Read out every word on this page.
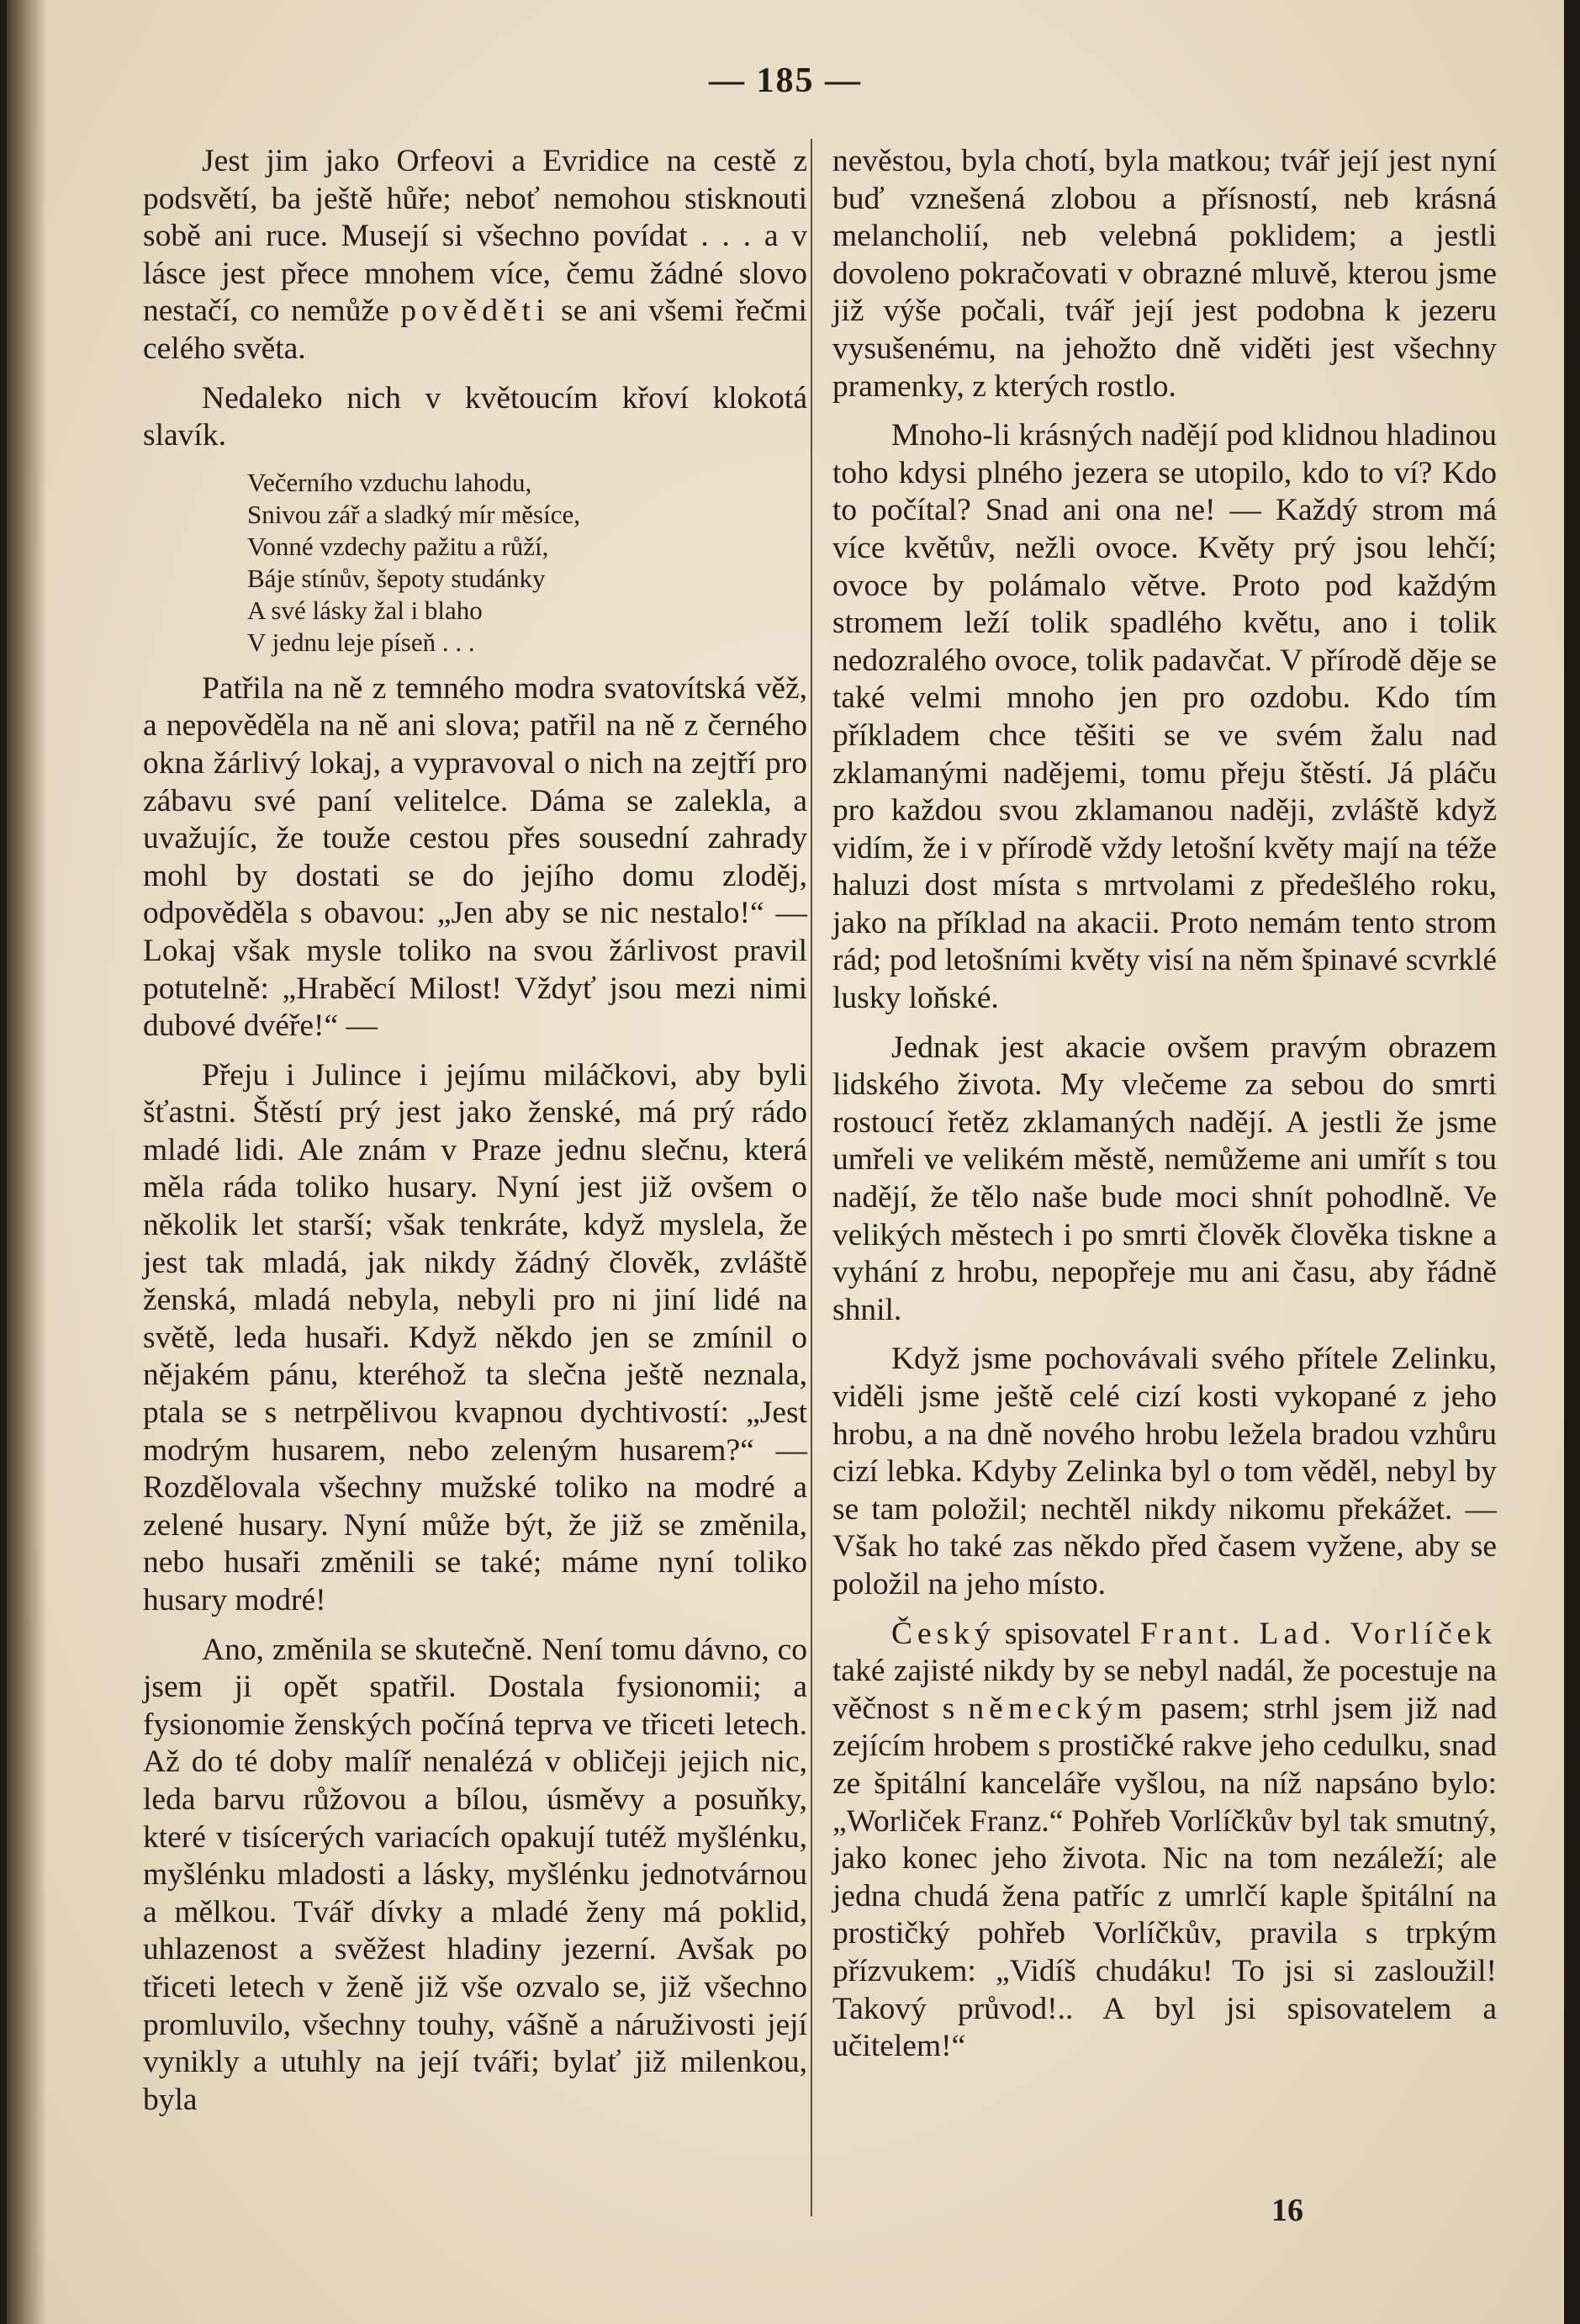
— 185 —

Jest jim jako Orfeovi a Evridice na cestě z podsvětí, ba ještě hůře; neboť nemohou stisknouti sobě ani ruce. Musejí si všechno povídat . . . a v lásce jest přece mnohem více, čemu žádné slovo nestačí, co nemůže pověděti se ani všemi řečmi celého světa.

Nedaleko nich v květoucím křoví klokotá slavík.

Večerního vzduchu lahodu,
Snivou zář a sladký mír měsíce,
Vonné vzdechy pažitu a růží,
Báje stínův, šepoty studánky
A své lásky žal i blaho
V jednu leje píseň . . .

Patřila na ně z temného modra svatovítská věž, a nepověděla na ně ani slova; patřil na ně z černého okna žárlivý lokaj, a vypravoval o nich na zejtří pro zábavu své paní velitelce. Dáma se zalekla, a uvažujíc, že touže cestou přes sousední zahrady mohl by dostati se do jejího domu zloděj, odpověděla s obavou: „Jen aby se nic nestalo!“ — Lokaj však mysle toliko na svou žárlivost pravil potutelně: „Hraběcí Milost! Vždyť jsou mezi nimi dubové dvéře!“ —

Přeju i Julince i jejímu miláčkovi, aby byli šťastni. Štěstí prý jest jako ženské, má prý rádo mladé lidi. Ale znám v Praze jednu slečnu, která měla ráda toliko husary. Nyní jest již ovšem o několik let starší; však tenkráte, když myslela, že jest tak mladá, jak nikdy žádný člověk, zvláště ženská, mladá nebyla, nebyli pro ni jiní lidé na světě, leda husaři. Když někdo jen se zmínil o nějakém pánu, kteréhož ta slečna ještě neznala, ptala se s netrpělivou kvapnou dychtivostí: „Jest modrým husarem, nebo zeleným husarem?“ — Rozdělovala všechny mužské toliko na modré a zelené husary. Nyní může být, že již se změnila, nebo husaři změnili se také; máme nyní toliko husary modré!

Ano, změnila se skutečně. Není tomu dávno, co jsem ji opět spatřil. Dostala fysionomii; a fysionomie ženských počíná teprva ve třiceti letech. Až do té doby malíř nenalézá v obličeji jejich nic, leda barvu růžovou a bílou, úsměvy a posuňky, které v tisícerých variacích opakují tutéž myšlénku, myšlénku mladosti a lásky, myšlénku jednotvárnou a mělkou. Tvář dívky a mladé ženy má poklid, uhlazenost a svěžest hladiny jezerní. Avšak po třiceti letech v ženě již vše ozvalo se, již všechno promluvilo, všechny touhy, vášně a náruživosti její vynikly a utuhly na její tváři; bylať již milenkou, byla

nevěstou, byla chotí, byla matkou; tvář její jest nyní buď vznešená zlobou a přísností, neb krásná melancholií, neb velebná poklidem; a jestli dovoleno pokračovati v obrazné mluvě, kterou jsme již výše počali, tvář její jest podobna k jezeru vysušenému, na jehožto dně viděti jest všechny pramenky, z kterých rostlo.

Mnoho-li krásných nadějí pod klidnou hladinou toho kdysi plného jezera se utopilo, kdo to ví? Kdo to počítal? Snad ani ona ne! — Každý strom má více květův, nežli ovoce. Květy prý jsou lehčí; ovoce by polámalo větve. Proto pod každým stromem leží tolik spadlého květu, ano i tolik nedozralého ovoce, tolik padavčat. V přírodě děje se také velmi mnoho jen pro ozdobu. Kdo tím příkladem chce těšiti se ve svém žalu nad zklamanými nadějemi, tomu přeju štěstí. Já pláču pro každou svou zklamanou naději, zvláště když vidím, že i v přírodě vždy letošní květy mají na téže haluzi dost místa s mrtvolami z předešlého roku, jako na příklad na akacii. Proto nemám tento strom rád; pod letošními květy visí na něm špinavé scvrklé lusky loňské.

Jednak jest akacie ovšem pravým obrazem lidského života. My vlečeme za sebou do smrti rostoucí řetěz zklamaných nadějí. A jestli že jsme umřeli ve velikém městě, nemůžeme ani umřít s tou nadějí, že tělo naše bude moci shnít pohodlně. Ve velikých městech i po smrti člověk člověka tiskne a vyhání z hrobu, nepopřeje mu ani času, aby řádně shnil.

Když jsme pochovávali svého přítele Zelinku, viděli jsme ještě celé cizí kosti vykopané z jeho hrobu, a na dně nového hrobu ležela bradou vzhůru cizí lebka. Kdyby Zelinka byl o tom věděl, nebyl by se tam položil; nechtěl nikdy nikomu překážet. — Však ho také zas někdo před časem vyžene, aby se položil na jeho místo.

Český spisovatel Frant. Lad. Vorlíček také zajisté nikdy by se nebyl nadál, že pocestuje na věčnost s německým pasem; strhl jsem již nad zejícím hrobem s prostičké rakve jeho cedulku, snad ze špitální kanceláře vyšlou, na níž napsáno bylo: „Worliček Franz.“ Pohřeb Vorlíčkův byl tak smutný, jako konec jeho života. Nic na tom nezáleží; ale jedna chudá žena patříc z umrlčí kaple špitální na prostičký pohřeb Vorlíčkův, pravila s trpkým přízvukem: „Vidíš chudáku! To jsi si zasloužil! Takový průvod!.. A byl jsi spisovatelem a učitelem!“

16
